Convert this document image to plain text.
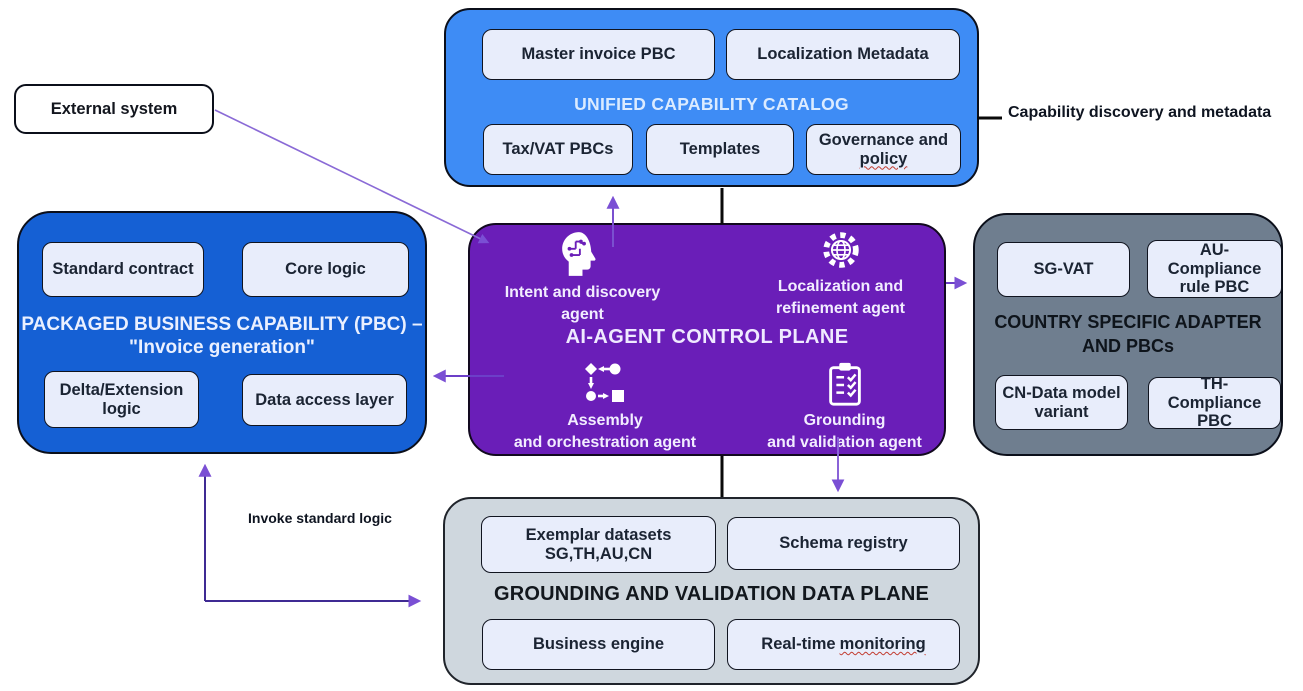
External system
Master invoice PBC	Localization Metadata
UNIFIED CAPABILITY CATALOG
Tax/VAT PBCs	Templates
Governance and
policy
Capability discovery and metadata
Standard contract	Core logic
PACKAGED BUSINESS CAPABILITY (PBC) –
"Invoice generation"
Delta/Extension logic	Data access layer
AI-AGENT CONTROL PLANE
Intent and discovery
agent
Localization and
refinement agent
Assembly
and orchestration agent
Grounding
and validation agent
SG-VAT
AU-Compliance rule PBC
COUNTRY SPECIFIC ADAPTER
AND PBCs
CN-Data model variant
TH-Compliance PBC
Exemplar datasets SG,TH,AU,CN
Schema registry
GROUNDING AND VALIDATION DATA PLANE
Business engine	Real-time monitoring
Invoke standard logic
